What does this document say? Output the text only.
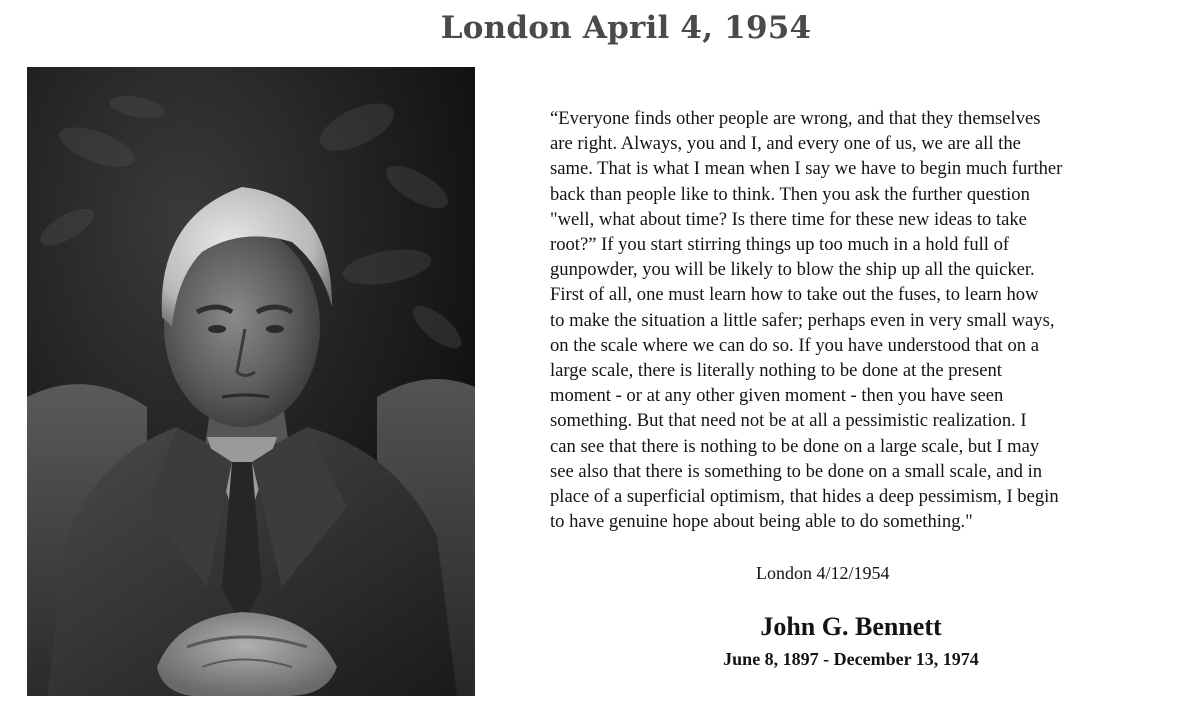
London April 4, 1954
“Everyone finds other people are wrong, and that they themselves
are right. Always, you and I, and every one of us, we are all the
same. That is what I mean when I say we have to begin much further
back than people like to think. Then you ask the further question
"well, what about time? Is there time for these new ideas to take
root?” If you start stirring things up too much in a hold full of
gunpowder, you will be likely to blow the ship up all the quicker.
First of all, one must learn how to take out the fuses, to learn how
to make the situation a little safer; perhaps even in very small ways,
on the scale where we can do so. If you have understood that on a
large scale, there is literally nothing to be done at the present
moment - or at any other given moment - then you have seen
something. But that need not be at all a pessimistic realization. I
can see that there is nothing to be done on a large scale, but I may
see also that there is something to be done on a small scale, and in
place of a superficial optimism, that hides a deep pessimism, I begin
to have genuine hope about being able to do something."
London 4/12/1954
John G. Bennett
June 8, 1897 - December 13, 1974
